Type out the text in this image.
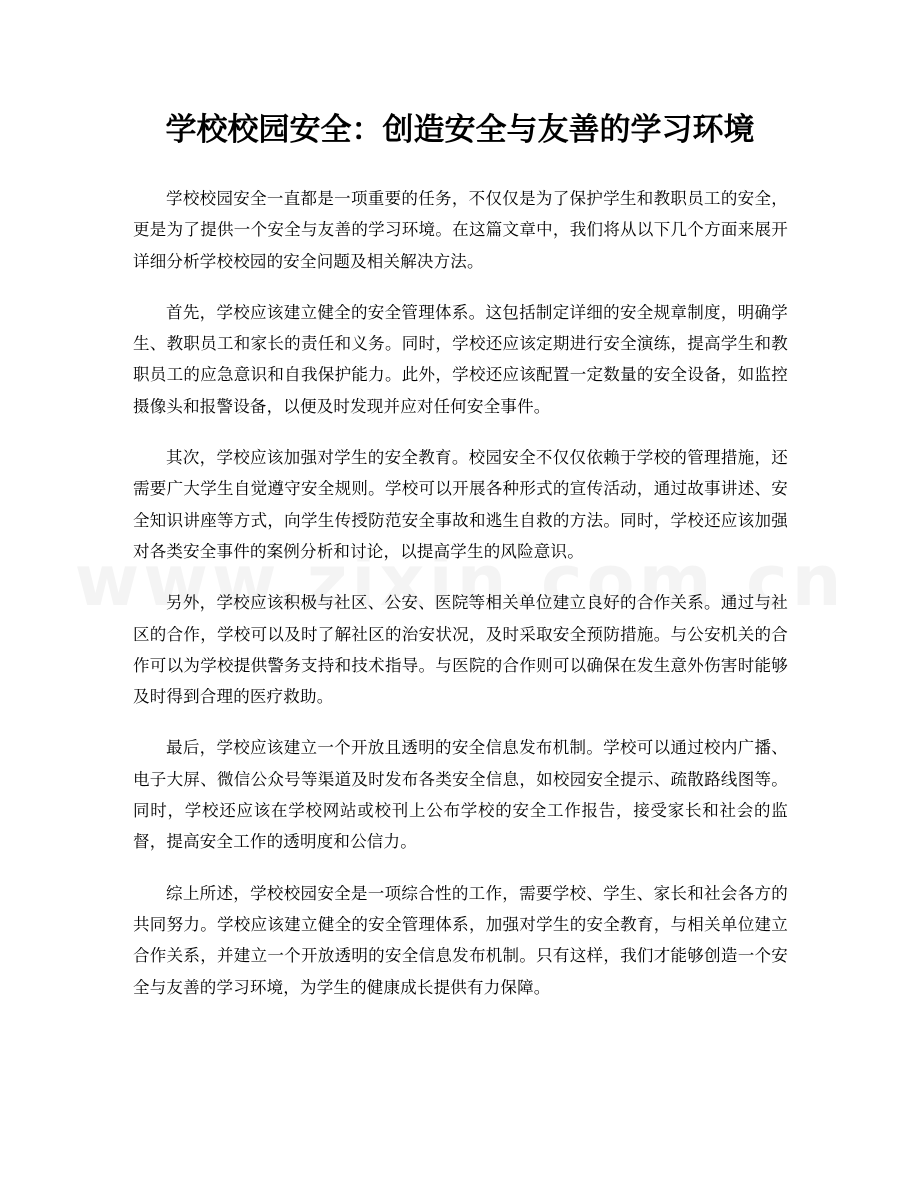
学校校园安全：创造安全与友善的学习环境

学校校园安全一直都是一项重要的任务，不仅仅是为了保护学生和教职员工的安全，更是为了提供一个安全与友善的学习环境。在这篇文章中，我们将从以下几个方面来展开详细分析学校校园的安全问题及相关解决方法。

首先，学校应该建立健全的安全管理体系。这包括制定详细的安全规章制度，明确学生、教职员工和家长的责任和义务。同时，学校还应该定期进行安全演练，提高学生和教职员工的应急意识和自我保护能力。此外，学校还应该配置一定数量的安全设备，如监控摄像头和报警设备，以便及时发现并应对任何安全事件。

其次，学校应该加强对学生的安全教育。校园安全不仅仅依赖于学校的管理措施，还需要广大学生自觉遵守安全规则。学校可以开展各种形式的宣传活动，通过故事讲述、安全知识讲座等方式，向学生传授防范安全事故和逃生自救的方法。同时，学校还应该加强对各类安全事件的案例分析和讨论，以提高学生的风险意识。

另外，学校应该积极与社区、公安、医院等相关单位建立良好的合作关系。通过与社区的合作，学校可以及时了解社区的治安状况，及时采取安全预防措施。与公安机关的合作可以为学校提供警务支持和技术指导。与医院的合作则可以确保在发生意外伤害时能够及时得到合理的医疗救助。

最后，学校应该建立一个开放且透明的安全信息发布机制。学校可以通过校内广播、电子大屏、微信公众号等渠道及时发布各类安全信息，如校园安全提示、疏散路线图等。同时，学校还应该在学校网站或校刊上公布学校的安全工作报告，接受家长和社会的监督，提高安全工作的透明度和公信力。

综上所述，学校校园安全是一项综合性的工作，需要学校、学生、家长和社会各方的共同努力。学校应该建立健全的安全管理体系，加强对学生的安全教育，与相关单位建立合作关系，并建立一个开放透明的安全信息发布机制。只有这样，我们才能够创造一个安全与友善的学习环境，为学生的健康成长提供有力保障。
